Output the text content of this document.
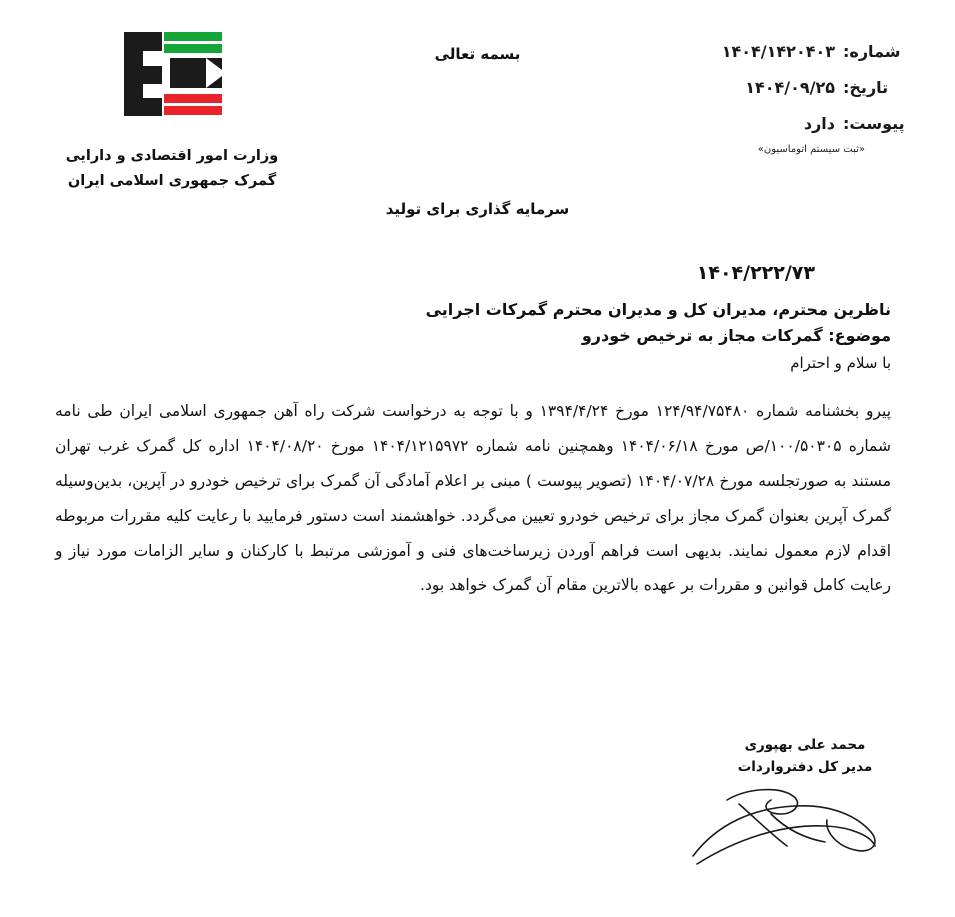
بسمه تعالی	شماره:
۱۴۰۴/۱۴۲۰۴۰۳
تاریخ:
۱۴۰۴/۰۹/۲۵
پیوست:
دارد
«ثبت سیستم اتوماسیون»
وزارت امور اقتصادی و دارایی
گمرک جمهوری اسلامی ایران
سرمایه گذاری برای تولید
۱۴۰۴/۲۲۲/۷۳
ناظرین محترم، مدیران کل و مدیران محترم گمرکات اجرایی
موضوع: گمرکات مجاز به ترخیص خودرو
با سلام و احترام
پیرو بخشنامه شماره ۱۲۴/۹۴/۷۵۴۸۰ مورخ ۱۳۹۴/۴/۲۴ و با توجه به درخواست شرکت راه آهن جمهوری اسلامی ایران طی نامه شماره ۱۰۰/۵۰۳۰۵/ص مورخ ۱۴۰۴/۰۶/۱۸ وهمچنین نامه شماره ۱۴۰۴/۱۲۱۵۹۷۲ مورخ ۱۴۰۴/۰۸/۲۰ اداره کل گمرک غرب تهران مستند به صورتجلسه مورخ ۱۴۰۴/۰۷/۲۸ (تصویر پیوست ) مبنی بر اعلام آمادگی آن گمرک برای ترخیص خودرو در آپرین، بدین‌وسیله گمرک آپرین بعنوان گمرک مجاز برای ترخیص خودرو تعیین می‌گردد. خواهشمند است دستور فرمایید با رعایت کلیه مقررات مربوطه اقدام لازم معمول نمایند. بدیهی است فراهم آوردن زیرساخت‌های فنی و آموزشی مرتبط با کارکنان و سایر الزامات مورد نیاز و رعایت کامل قوانین و مقررات بر عهده بالاترین مقام آن گمرک خواهد بود.
محمد علی بهپوری
مدیر کل دفترواردات
